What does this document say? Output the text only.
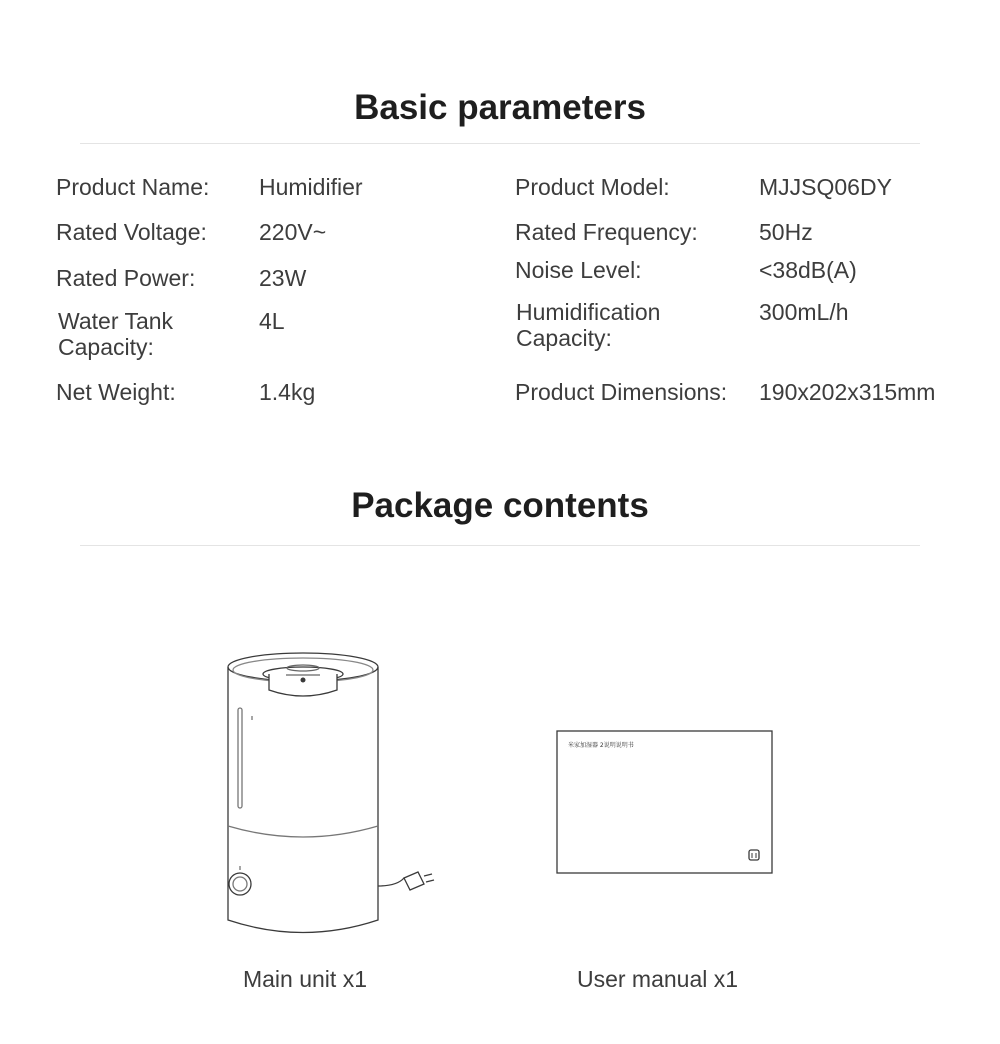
Basic parameters
Product Name: Humidifier
Rated Voltage: 220V~
Rated Power:	23W
Water Tank Capacity:
4L
Net Weight:	1.4kg
Product Model:	MJJSQ06DY
Rated Frequency:	50Hz
Noise Level:	<38dB(A)
Humidification Capacity:
300mL/h
Product Dimensions: 190x202x315mm
Package contents
米家加湿器 2说明说明书
Main unit x1	User manual x1
